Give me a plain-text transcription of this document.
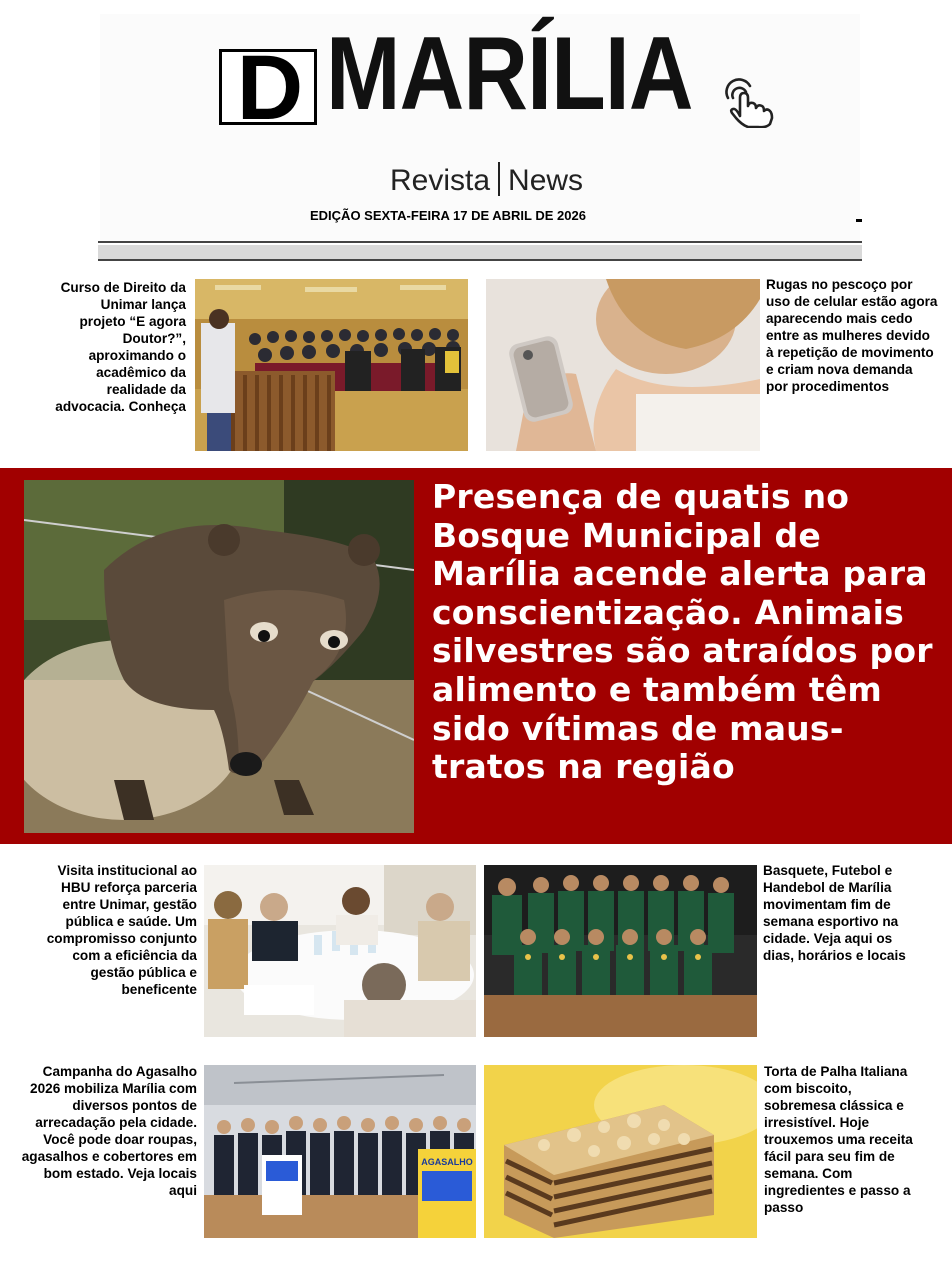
D MARÍLIA
Revista News
EDIÇÃO SEXTA-FEIRA 17 DE ABRIL DE 2026
Curso de Direito da Unimar lança projeto “E agora Doutor?”, aproximando o acadêmico da realidade da advocacia. Conheça
Rugas no pescoço por uso de celular estão agora aparecendo mais cedo entre as mulheres devido à repetição de movimento e criam nova demanda por procedimentos
Presença de quatis no Bosque Municipal de Marília acende alerta para conscientização. Animais silvestres são atraídos por alimento e também têm sido vítimas de maus-tratos na região
Visita institucional ao HBU reforça parceria entre Unimar, gestão pública e saúde. Um compromisso conjunto com a eficiência da gestão pública e beneficente
Basquete, Futebol e Handebol de Marília movimentam fim de semana esportivo na cidade. Veja aqui os dias, horários e locais
Campanha do Agasalho 2026 mobiliza Marília com diversos pontos de arrecadação pela cidade. Você pode doar roupas, agasalhos e cobertores em bom estado. Veja locais aqui
AGASALHO
Torta de Palha Italiana com biscoito, sobremesa clássica e irresistível. Hoje trouxemos uma receita fácil para seu fim de semana. Com ingredientes e passo a passo
